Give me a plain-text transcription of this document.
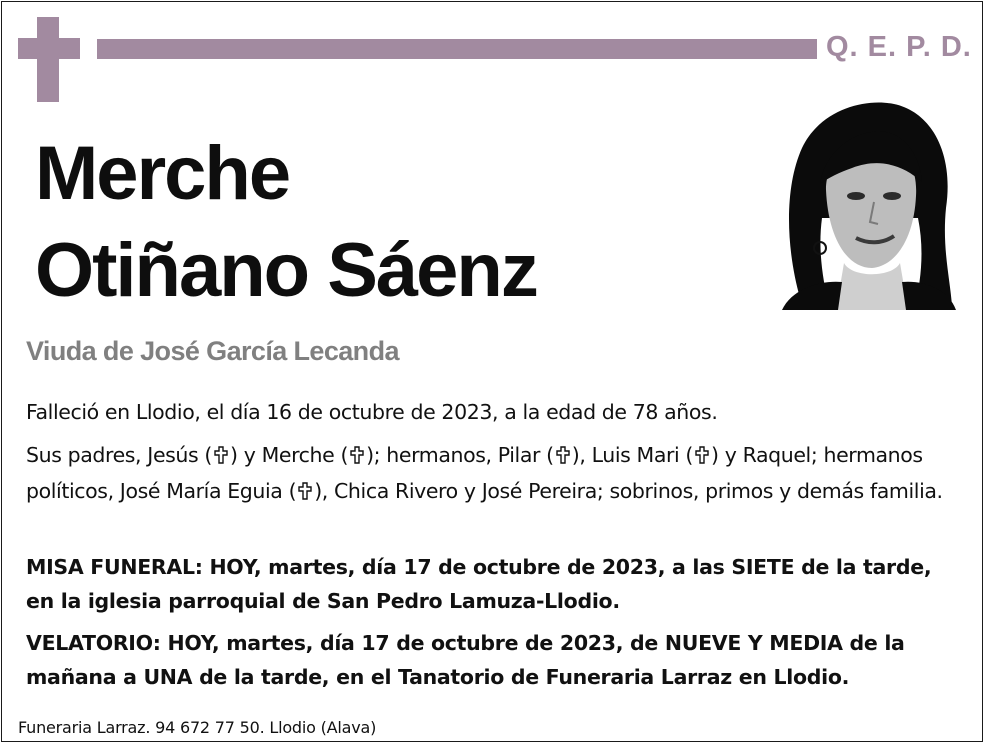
Q. E. P. D.
Merche
Otiñano Sáenz
Viuda de José García Lecanda
Falleció en Llodio, el día 16 de octubre de 2023, a la edad de 78 años.
Sus padres, Jesús ( ) y Merche ( ); hermanos, Pilar ( ), Luis Mari ( ) y Raquel; hermanos políticos, José María Eguia ( ), Chica Rivero y José Pereira; sobrinos, primos y demás familia.
MISA FUNERAL: HOY, martes, día 17 de octubre de 2023, a las SIETE de la tarde, en la iglesia parroquial de San Pedro Lamuza-Llodio.
VELATORIO: HOY, martes, día 17 de octubre de 2023, de NUEVE Y MEDIA de la mañana a UNA de la tarde, en el Tanatorio de Funeraria Larraz en Llodio.
Funeraria Larraz. 94 672 77 50. Llodio (Alava)
